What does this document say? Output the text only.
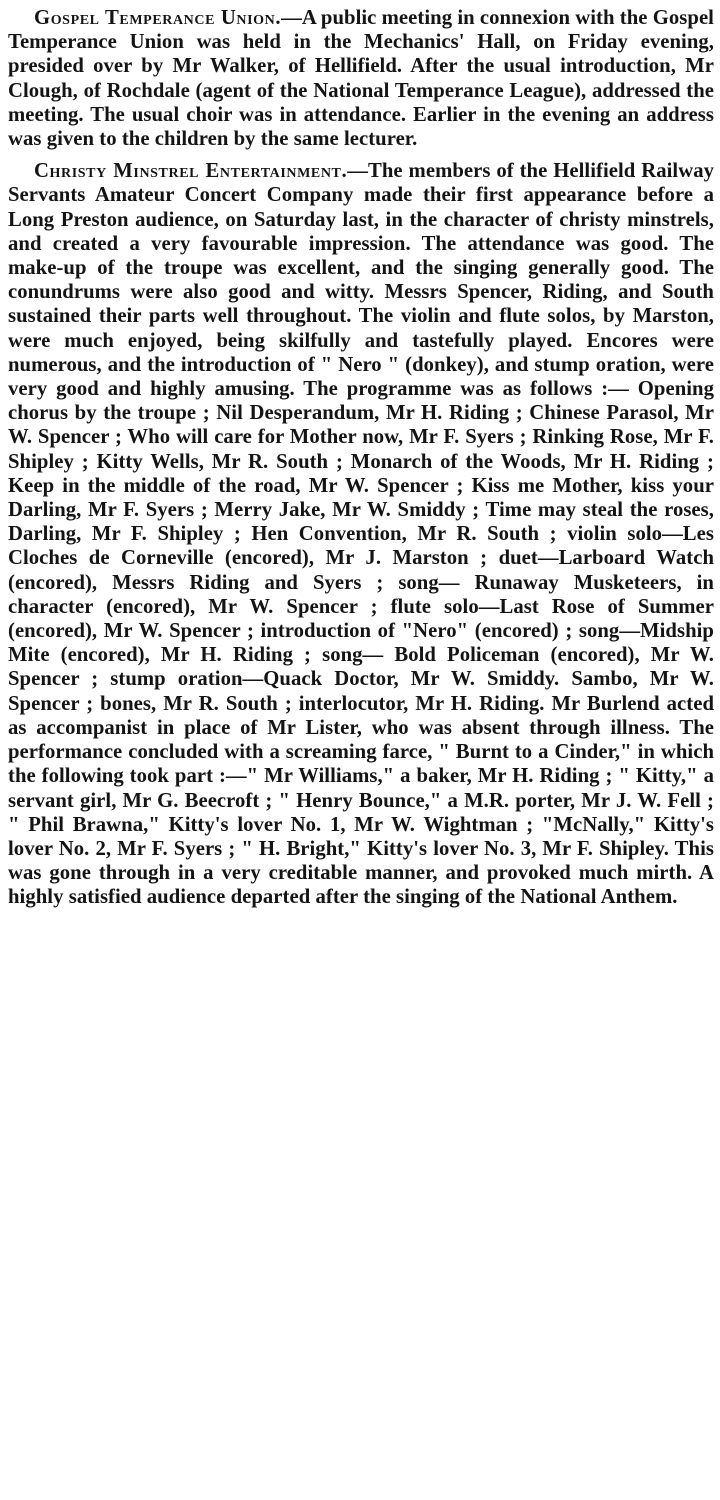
Gospel Temperance Union.—A public meeting in connexion with the Gospel Temperance Union was held in the Mechanics' Hall, on Friday evening, presided over by Mr Walker, of Hellifield. After the usual introduction, Mr Clough, of Rochdale (agent of the National Temperance League), addressed the meeting. The usual choir was in attendance. Earlier in the evening an address was given to the children by the same lecturer.

Christy Minstrel Entertainment.—The members of the Hellifield Railway Servants Amateur Concert Company made their first appearance before a Long Preston audience, on Saturday last, in the character of christy minstrels, and created a very favourable impression. The attendance was good. The make-up of the troupe was excellent, and the singing generally good. The conundrums were also good and witty. Messrs Spencer, Riding, and South sustained their parts well throughout. The violin and flute solos, by Marston, were much enjoyed, being skilfully and tastefully played. Encores were numerous, and the introduction of " Nero " (donkey), and stump oration, were very good and highly amusing. The programme was as follows :— Opening chorus by the troupe ; Nil Desperandum, Mr H. Riding ; Chinese Parasol, Mr W. Spencer ; Who will care for Mother now, Mr F. Syers ; Rinking Rose, Mr F. Shipley ; Kitty Wells, Mr R. South ; Monarch of the Woods, Mr H. Riding ; Keep in the middle of the road, Mr W. Spencer ; Kiss me Mother, kiss your Darling, Mr F. Syers ; Merry Jake, Mr W. Smiddy ; Time may steal the roses, Darling, Mr F. Shipley ; Hen Convention, Mr R. South ; violin solo—Les Cloches de Corneville (encored), Mr J. Marston ; duet—Larboard Watch (encored), Messrs Riding and Syers ; song— Runaway Musketeers, in character (encored), Mr W. Spencer ; flute solo—Last Rose of Summer (encored), Mr W. Spencer ; introduction of "Nero" (encored) ; song—Midship Mite (encored), Mr H. Riding ; song— Bold Policeman (encored), Mr W. Spencer ; stump oration—Quack Doctor, Mr W. Smiddy. Sambo, Mr W. Spencer ; bones, Mr R. South ; interlocutor, Mr H. Riding. Mr Burlend acted as accompanist in place of Mr Lister, who was absent through illness. The performance concluded with a screaming farce, " Burnt to a Cinder," in which the following took part :—" Mr Williams," a baker, Mr H. Riding ; " Kitty," a servant girl, Mr G. Beecroft ; " Henry Bounce," a M.R. porter, Mr J. W. Fell ; " Phil Brawna," Kitty's lover No. 1, Mr W. Wightman ; "McNally," Kitty's lover No. 2, Mr F. Syers ; " H. Bright," Kitty's lover No. 3, Mr F. Shipley. This was gone through in a very creditable manner, and provoked much mirth. A highly satisfied audience departed after the singing of the National Anthem.
